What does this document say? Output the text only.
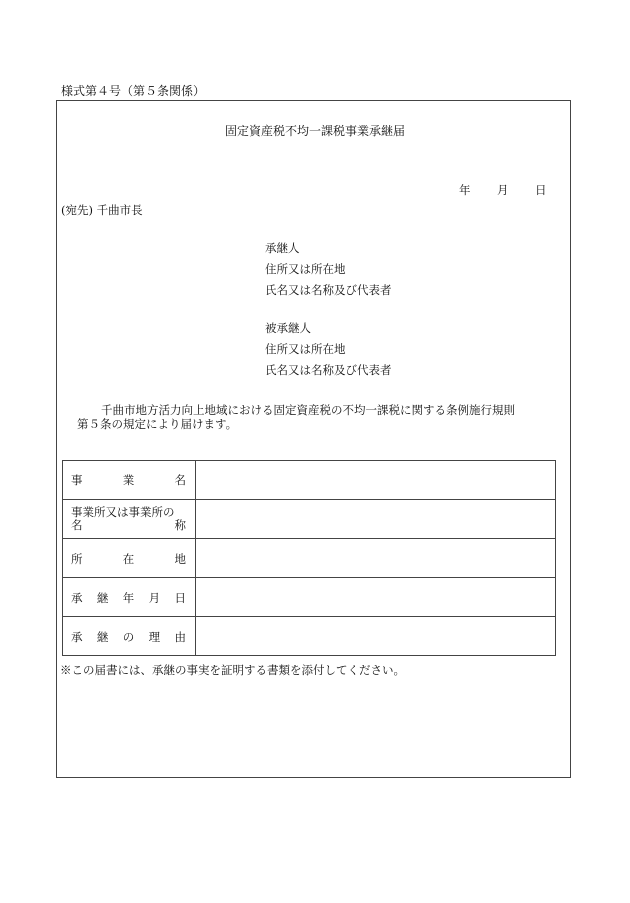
様式第４号（第５条関係）
固定資産税不均一課税事業承継届
年 月 日
(宛先) 千曲市長
承継人
住所又は所在地
氏名又は名称及び代表者
被承継人
住所又は所在地
氏名又は名称及び代表者
千曲市地方活力向上地域における固定資産税の不均一課税に関する条例施行規則
第５条の規定により届けます。
事	業	名
事業所又は事業所の
名	称
所	在	地
承 継 年 月 日
承 継 の 理 由
※この届書には、承継の事実を証明する書類を添付してください。
